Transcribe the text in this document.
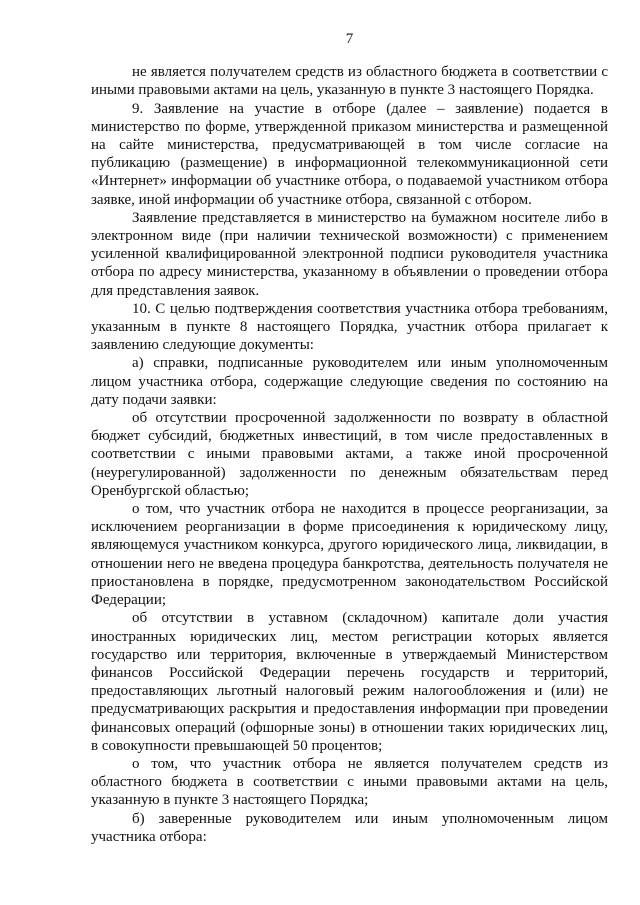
7

не является получателем средств из областного бюджета в соответствии с иными правовыми актами на цель, указанную в пункте 3 настоящего Порядка.

9. Заявление на участие в отборе (далее – заявление) подается в министерство по форме, утвержденной приказом министерства и размещенной на сайте министерства, предусматривающей в том числе согласие на публикацию (размещение) в информационной телекоммуникационной сети «Интернет» информации об участнике отбора, о подаваемой участником отбора заявке, иной информации об участнике отбора, связанной с отбором.

Заявление представляется в министерство на бумажном носителе либо в электронном виде (при наличии технической возможности) с применением усиленной квалифицированной электронной подписи руководителя участника отбора по адресу министерства, указанному в объявлении о проведении отбора для представления заявок.

10. С целью подтверждения соответствия участника отбора требованиям, указанным в пункте 8 настоящего Порядка, участник отбора прилагает к заявлению следующие документы:

а) справки, подписанные руководителем или иным уполномоченным лицом участника отбора, содержащие следующие сведения по состоянию на дату подачи заявки:

об отсутствии просроченной задолженности по возврату в областной бюджет субсидий, бюджетных инвестиций, в том числе предоставленных в соответствии с иными правовыми актами, а также иной просроченной (неурегулированной) задолженности по денежным обязательствам перед Оренбургской областью;

о том, что участник отбора не находится в процессе реорганизации, за исключением реорганизации в форме присоединения к юридическому лицу, являющемуся участником конкурса, другого юридического лица, ликвидации, в отношении него не введена процедура банкротства, деятельность получателя не приостановлена в порядке, предусмотренном законодательством Российской Федерации;

об отсутствии в уставном (складочном) капитале доли участия иностранных юридических лиц, местом регистрации которых является государство или территория, включенные в утверждаемый Министерством финансов Российской Федерации перечень государств и территорий, предоставляющих льготный налоговый режим налогообложения и (или) не предусматривающих раскрытия и предоставления информации при проведении финансовых операций (офшорные зоны) в отношении таких юридических лиц, в совокупности превышающей 50 процентов;

о том, что участник отбора не является получателем средств из областного бюджета в соответствии с иными правовыми актами на цель, указанную в пункте 3 настоящего Порядка;

б) заверенные руководителем или иным уполномоченным лицом участника отбора:
